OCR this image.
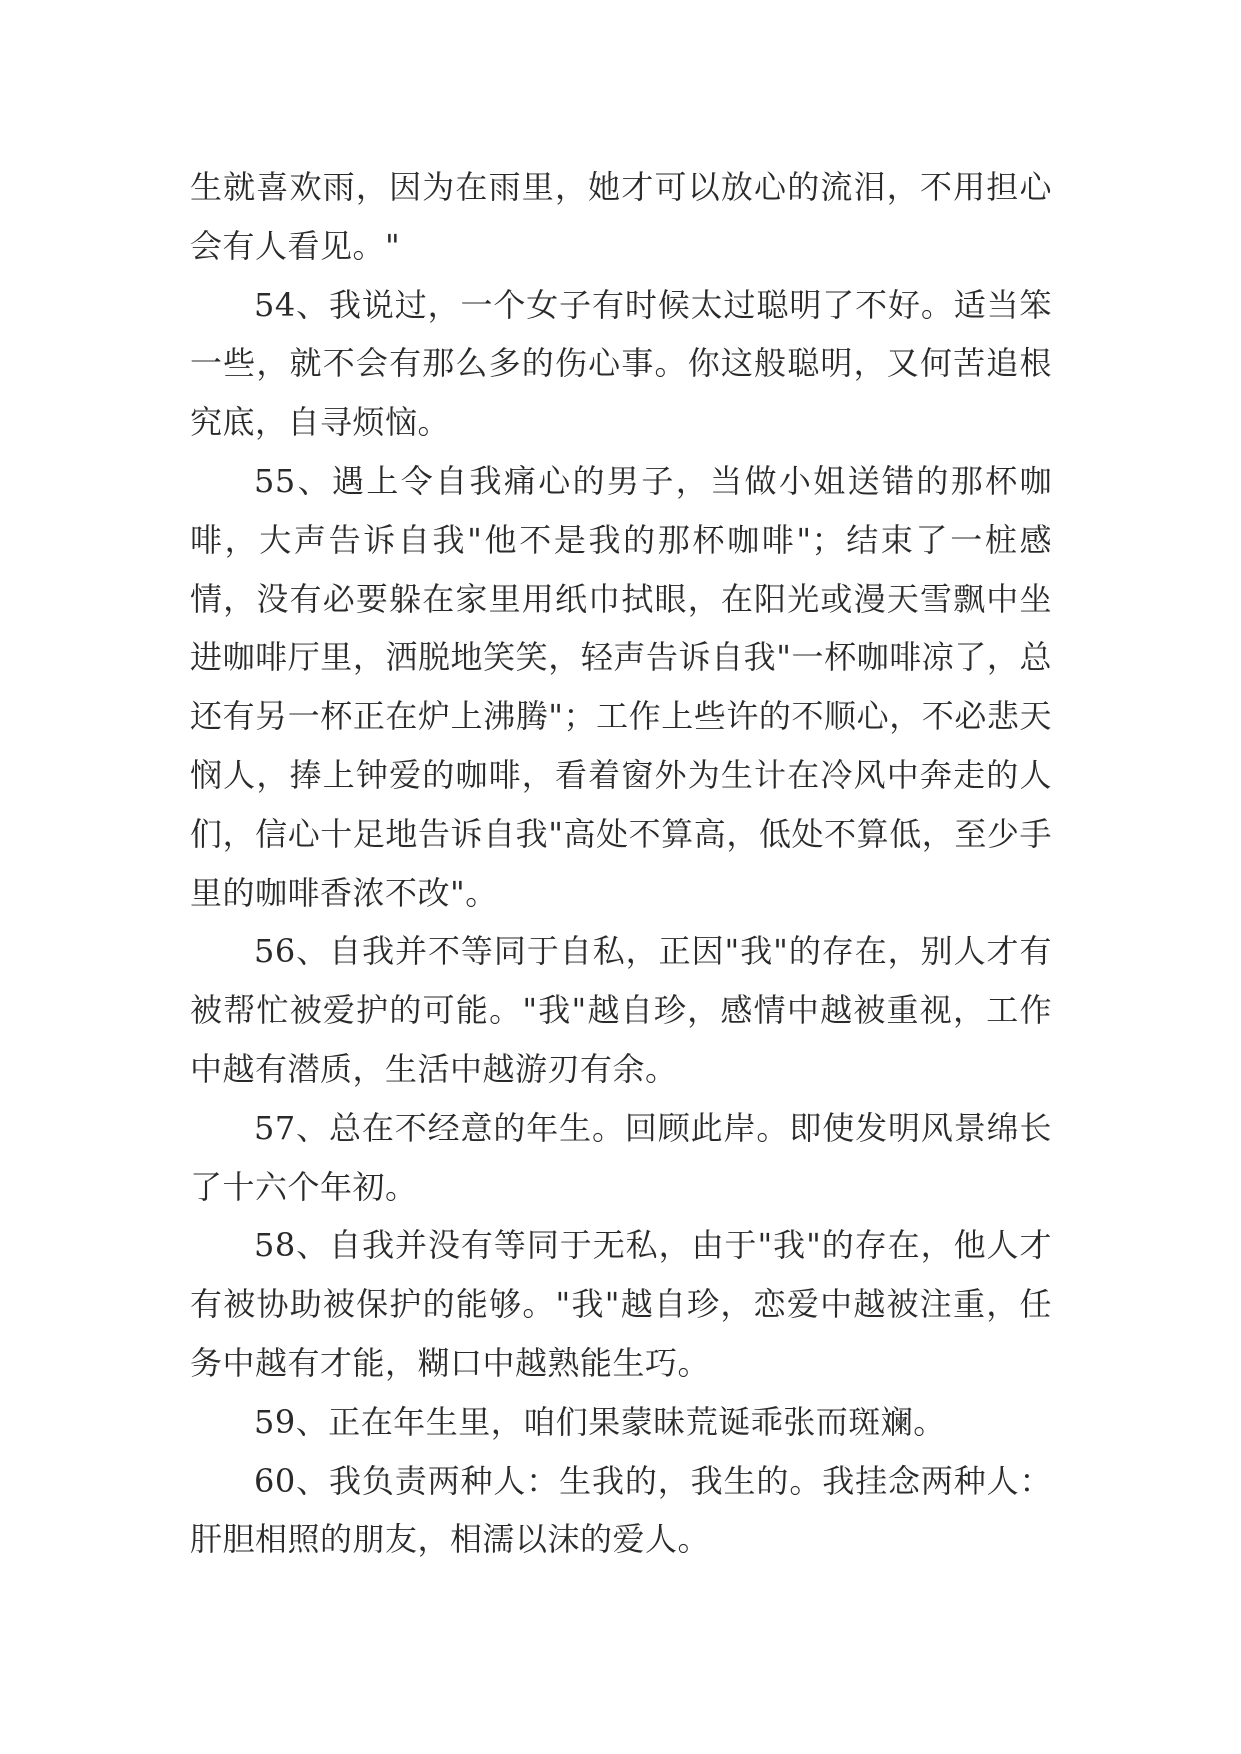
生就喜欢雨，因为在雨里，她才可以放心的流泪，不用担心会有人看见。"

54、我说过，一个女子有时候太过聪明了不好。适当笨一些，就不会有那么多的伤心事。你这般聪明，又何苦追根究底，自寻烦恼。

55、遇上令自我痛心的男子，当做小姐送错的那杯咖啡，大声告诉自我"他不是我的那杯咖啡"；结束了一桩感情，没有必要躲在家里用纸巾拭眼，在阳光或漫天雪飘中坐进咖啡厅里，洒脱地笑笑，轻声告诉自我"一杯咖啡凉了，总还有另一杯正在炉上沸腾"；工作上些许的不顺心，不必悲天悯人，捧上钟爱的咖啡，看着窗外为生计在冷风中奔走的人们，信心十足地告诉自我"高处不算高，低处不算低，至少手里的咖啡香浓不改"。

56、自我并不等同于自私，正因"我"的存在，别人才有被帮忙被爱护的可能。"我"越自珍，感情中越被重视，工作中越有潜质，生活中越游刃有余。

57、总在不经意的年生。回顾此岸。即使发明风景绵长了十六个年初。

58、自我并没有等同于无私，由于"我"的存在，他人才有被协助被保护的能够。"我"越自珍，恋爱中越被注重，任务中越有才能，糊口中越熟能生巧。

59、正在年生里，咱们果蒙昧荒诞乖张而斑斓。

60、我负责两种人：生我的，我生的。我挂念两种人：肝胆相照的朋友，相濡以沫的爱人。
